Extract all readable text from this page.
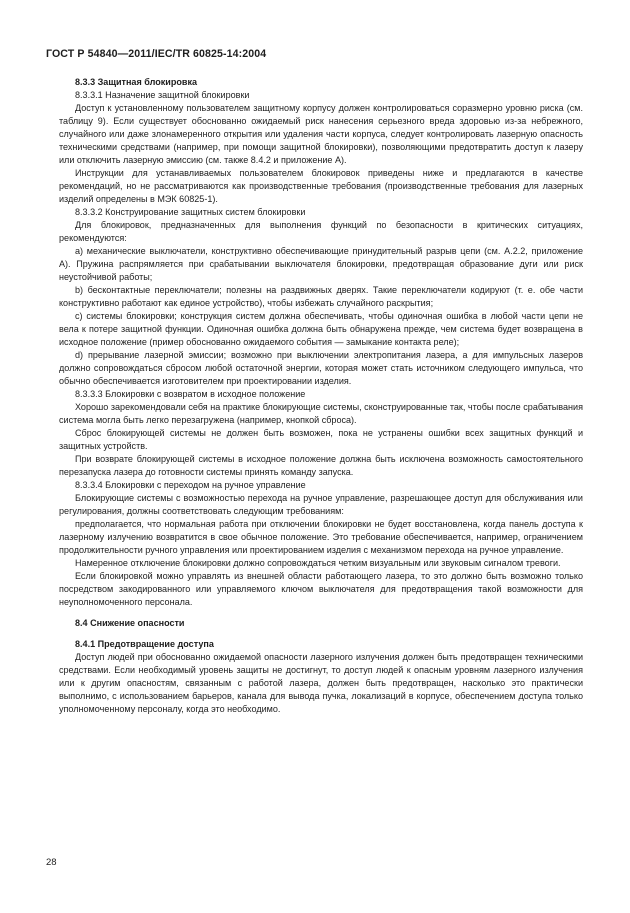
ГОСТ Р 54840—2011/IEC/TR 60825-14:2004

8.3.3 Защитная блокировка

8.3.3.1 Назначение защитной блокировки

Доступ к установленному пользователем защитному корпусу должен контролироваться соразмерно уровню риска (см. таблицу 9). Если существует обоснованно ожидаемый риск нанесения серьезного вреда здоровью из-за небрежного, случайного или даже злонамеренного открытия или удаления части корпуса, следует контролировать лазерную опасность техническими средствами (например, при помощи защитной блокировки), позволяющими предотвратить доступ к лазеру или отключить лазерную эмиссию (см. также 8.4.2 и приложение А).

Инструкции для устанавливаемых пользователем блокировок приведены ниже и предлагаются в качестве рекомендаций, но не рассматриваются как производственные требования (производственные требования для лазерных изделий определены в МЭК 60825-1).

8.3.3.2 Конструирование защитных систем блокировки

Для блокировок, предназначенных для выполнения функций по безопасности в критических ситуациях, рекомендуются:

а) механические выключатели, конструктивно обеспечивающие принудительный разрыв цепи (см. А.2.2, приложение А). Пружина распрямляется при срабатывании выключателя блокировки, предотвращая образование дуги или риск неустойчивой работы;

b) бесконтактные переключатели; полезны на раздвижных дверях. Такие переключатели кодируют (т. е. обе части конструктивно работают как единое устройство), чтобы избежать случайного раскрытия;

с) системы блокировки; конструкция систем должна обеспечивать, чтобы одиночная ошибка в любой части цепи не вела к потере защитной функции. Одиночная ошибка должна быть обнаружена прежде, чем система будет возвращена в исходное положение (пример обоснованно ожидаемого события — замыкание контакта реле);

d) прерывание лазерной эмиссии; возможно при выключении электропитания лазера, а для импульсных лазеров должно сопровождаться сбросом любой остаточной энергии, которая может стать источником следующего импульса, что обычно обеспечивается изготовителем при проектировании изделия.

8.3.3.3 Блокировки с возвратом в исходное положение

Хорошо зарекомендовали себя на практике блокирующие системы, сконструированные так, чтобы после срабатывания система могла быть легко перезагружена (например, кнопкой сброса).

Сброс блокирующей системы не должен быть возможен, пока не устранены ошибки всех защитных функций и защитных устройств.

При возврате блокирующей системы в исходное положение должна быть исключена возможность самостоятельного перезапуска лазера до готовности системы принять команду запуска.

8.3.3.4 Блокировки с переходом на ручное управление

Блокирующие системы с возможностью перехода на ручное управление, разрешающее доступ для обслуживания или регулирования, должны соответствовать следующим требованиям:

предполагается, что нормальная работа при отключении блокировки не будет восстановлена, когда панель доступа к лазерному излучению возвратится в свое обычное положение. Это требование обеспечивается, например, ограничением продолжительности ручного управления или проектированием изделия с механизмом перехода на ручное управление.

Намеренное отключение блокировки должно сопровождаться четким визуальным или звуковым сигналом тревоги.

Если блокировкой можно управлять из внешней области работающего лазера, то это должно быть возможно только посредством закодированного или управляемого ключом выключателя для предотвращения такой возможности для неуполномоченного персонала.

8.4 Снижение опасности

8.4.1 Предотвращение доступа

Доступ людей при обоснованно ожидаемой опасности лазерного излучения должен быть предотвращен техническими средствами. Если необходимый уровень защиты не достигнут, то доступ людей к опасным уровням лазерного излучения или к другим опасностям, связанным с работой лазера, должен быть предотвращен, насколько это практически выполнимо, с использованием барьеров, канала для вывода пучка, локализаций в корпусе, обеспечением доступа только уполномоченному персоналу, когда это необходимо.

28
